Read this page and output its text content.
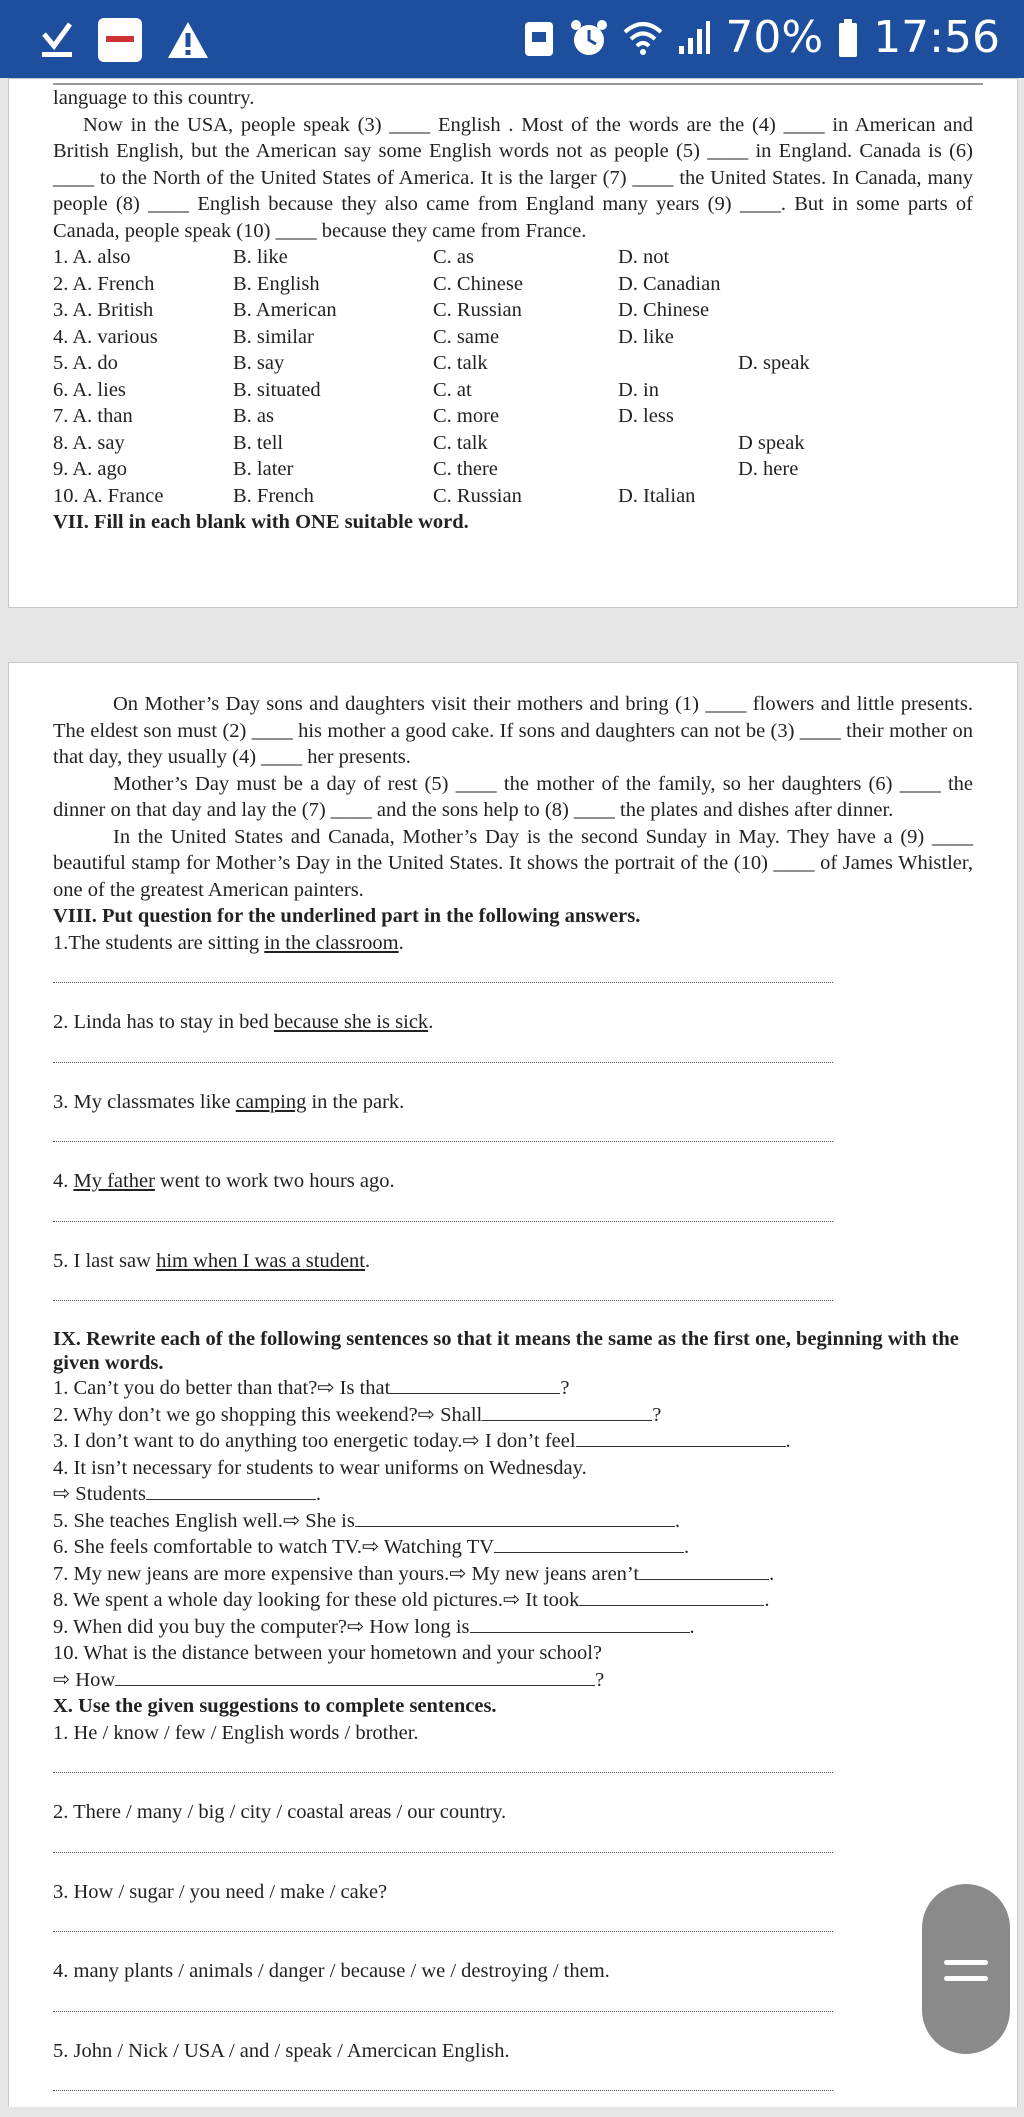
70% 17:56

language to this country.

Now in the USA, people speak (3) ____ English . Most of the words are the (4) ____ in American and British English, but the American say some English words not as people (5) ____ in England. Canada is (6) ____ to the North of the United States of America. It is the larger (7) ____ the United States. In Canada, many people (8) ____ English because they also came from England many years (9) ____. But in some parts of Canada, people speak (10) ____ because they came from France.

1. A. also	B. like	C. as	D. not
2. A. French	B. English	C. Chinese	D. Canadian
3. A. British	B. American	C. Russian	D. Chinese
4. A. various	B. similar	C. same	D. like
5. A. do	B. say	C. talk	D. speak
6. A. lies	B. situated	C. at	D. in
7. A. than	B. as	C. more	D. less
8. A. say	B. tell	C. talk	D speak
9. A. ago	B. later	C. there	D. here
10. A. France	B. French	C. Russian	D. Italian

VII. Fill in each blank with ONE suitable word.

On Mother’s Day sons and daughters visit their mothers and bring (1) ____ flowers and little presents. The eldest son must (2) ____ his mother a good cake. If sons and daughters can not be (3) ____ their mother on that day, they usually (4) ____ her presents.

Mother’s Day must be a day of rest (5) ____ the mother of the family, so her daughters (6) ____ the dinner on that day and lay the (7) ____ and the sons help to (8) ____ the plates and dishes after dinner.

In the United States and Canada, Mother’s Day is the second Sunday in May. They have a (9) ____ beautiful stamp for Mother’s Day in the United States. It shows the portrait of the (10) ____ of James Whistler, one of the greatest American painters.

VIII. Put question for the underlined part in the following answers.

1.The students are sitting in the classroom.

2. Linda has to stay in bed because she is sick.

3. My classmates like camping in the park.

4. My father went to work two hours ago.

5. I last saw him when I was a student.

IX. Rewrite each of the following sentences so that it means the same as the first one, beginning with the given words.

1. Can’t you do better than that?⇨ Is that	?

2. Why don’t we go shopping this weekend?⇨ Shall	?

3. I don’t want to do anything too energetic today.⇨ I don’t feel	.

4. It isn’t necessary for students to wear uniforms on Wednesday.

⇨ Students	.

5. She teaches English well.⇨ She is	.

6. She feels comfortable to watch TV.⇨ Watching TV	.

7. My new jeans are more expensive than yours.⇨ My new jeans aren’t	.

8. We spent a whole day looking for these old pictures.⇨ It took	.

9. When did you buy the computer?⇨ How long is	.

10. What is the distance between your hometown and your school?

⇨ How	?

X. Use the given suggestions to complete sentences.

1. He / know / few / English words / brother.

2. There / many / big / city / coastal areas / our country.

3. How / sugar / you need / make / cake?

4. many plants / animals / danger / because / we / destroying / them.

5. John / Nick / USA / and / speak / Amercican English.
